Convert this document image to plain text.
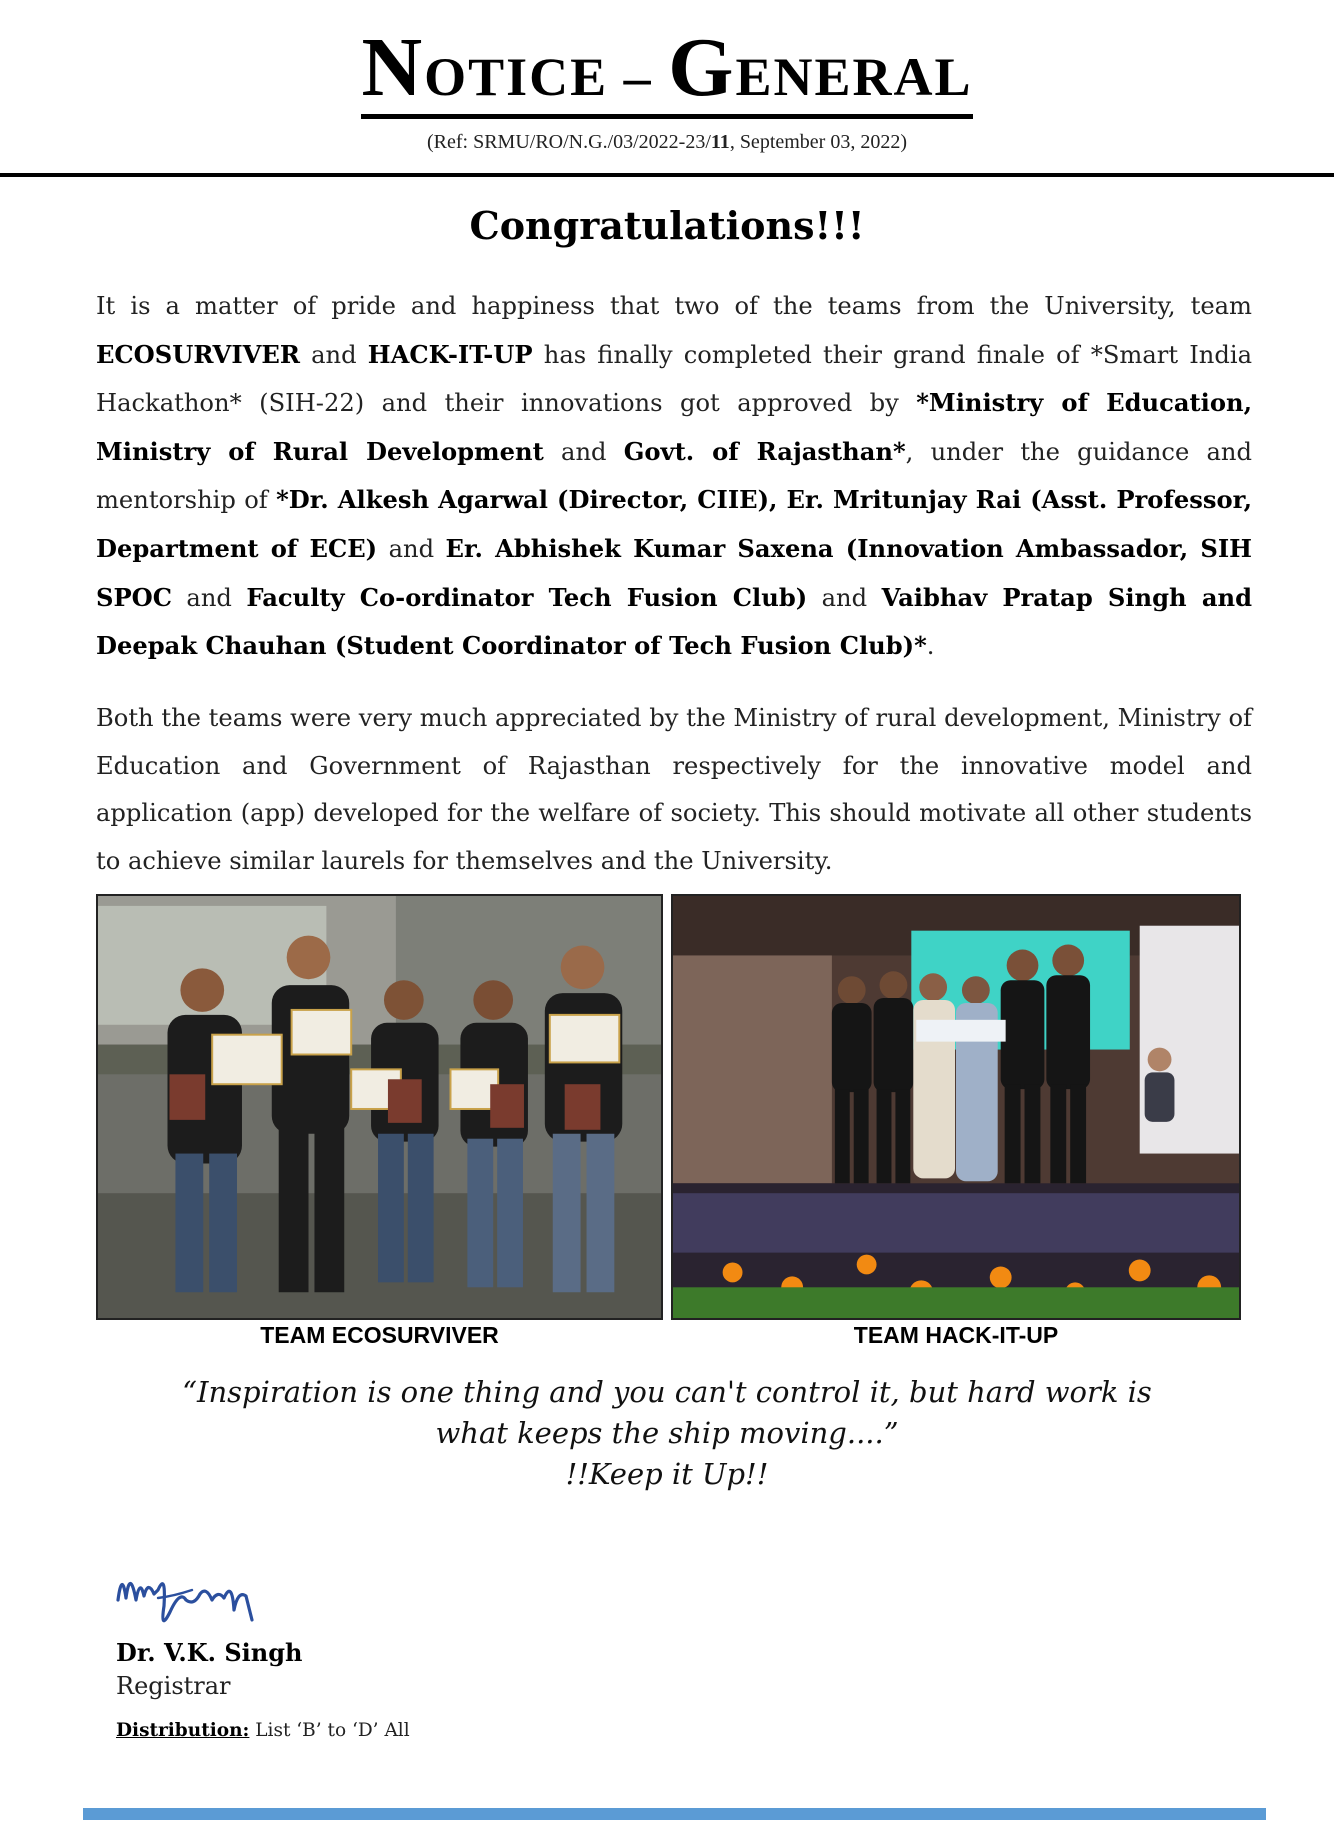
NOTICE – GENERAL
(Ref: SRMU/RO/N.G./03/2022-23/11, September 03, 2022)
Congratulations!!!

It is a matter of pride and happiness that two of the teams from the University, team ECOSURVIVER and HACK-IT-UP has finally completed their grand finale of *Smart India Hackathon* (SIH-22) and their innovations got approved by *Ministry of Education, Ministry of Rural Development and Govt. of Rajasthan*, under the guidance and mentorship of *Dr. Alkesh Agarwal (Director, CIIE), Er. Mritunjay Rai (Asst. Professor, Department of ECE) and Er. Abhishek Kumar Saxena (Innovation Ambassador, SIH SPOC and Faculty Co-ordinator Tech Fusion Club) and Vaibhav Pratap Singh and Deepak Chauhan (Student Coordinator of Tech Fusion Club)*.

Both the teams were very much appreciated by the Ministry of rural development, Ministry of Education and Government of Rajasthan respectively for the innovative model and application (app) developed for the welfare of society. This should motivate all other students to achieve similar laurels for themselves and the University.

TEAM ECOSURVIVER	TEAM HACK-IT-UP
“Inspiration is one thing and you can't control it, but hard work is
what keeps the ship moving....”
!!Keep it Up!!
Dr. V.K. Singh
Registrar
Distribution: List ‘B’ to ‘D’ All
